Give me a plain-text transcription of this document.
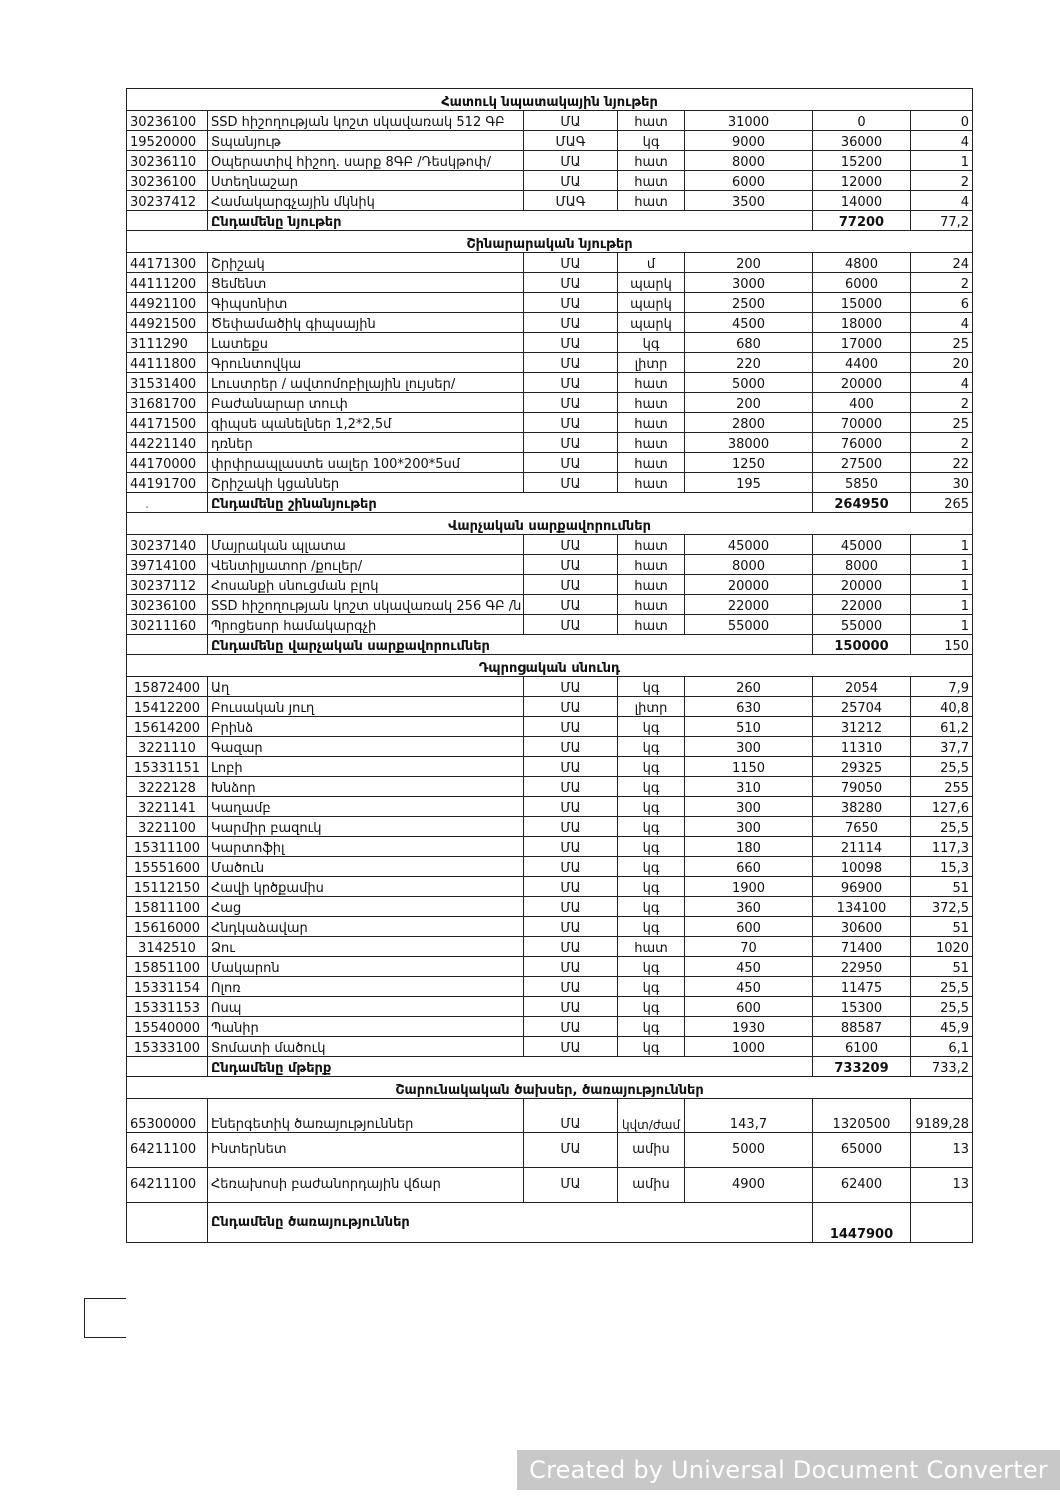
Հատուկ նպատակային նյութեր						
30236100	SSD հիշողության կոշտ սկավառակ 512 ԳԲ	ՄԱ	հատ	31000	0	0
19520000	Տպանյութ	ՄԱԳ	կգ	9000	36000	4
30236110	Օպերատիվ հիշող. սարք 8ԳԲ /Դեսկթոփ/	ՄԱ	հատ	8000	15200	1
30236100	Ստեղնաշար	ՄԱ	հատ	6000	12000	2
30237412	Համակարգչային մկնիկ	ՄԱԳ	հատ	3500	14000	4
	Ընդամենը նյութեր				77200	77,2
Շինարարական նյութեր						
44171300	Շրիշակ	ՄԱ	մ	200	4800	24
44111200	Ցեմենտ	ՄԱ	պարկ	3000	6000	2
44921100	Գիպսոնիտ	ՄԱ	պարկ	2500	15000	6
44921500	Ծեփամածիկ գիպսային	ՄԱ	պարկ	4500	18000	4
3111290	Լատեքս	ՄԱ	կգ	680	17000	25
44111800	Գրունտովկա	ՄԱ	լիտր	220	4400	20
31531400	Լուստրեր / ավտոմոբիլային լույսեր/	ՄԱ	հատ	5000	20000	4
31681700	Բաժանարար տուփ	ՄԱ	հատ	200	400	2
44171500	գիպսե պանելներ 1,2*2,5մ	ՄԱ	հատ	2800	70000	25
44221140	դռներ	ՄԱ	հատ	38000	76000	2
44170000	փրփրապլաստե սալեր 100*200*5սմ	ՄԱ	հատ	1250	27500	22
44191700	Շրիշակի կցաններ	ՄԱ	հատ	195	5850	30
.	Ընդամենը շինանյութեր				264950	265
Վարչական սարքավորումներ						
30237140	Մայրական պլատա	ՄԱ	հատ	45000	45000	1
39714100	Վենտիլյատոր /քուլեր/	ՄԱ	հատ	8000	8000	1
30237112	Հոսանքի սնուցման բլոկ	ՄԱ	հատ	20000	20000	1
30236100	SSD հիշողության կոշտ սկավառակ 256 ԳԲ /ն	ՄԱ	հատ	22000	22000	1
30211160	Պրոցեսոր համակարգչի	ՄԱ	հատ	55000	55000	1
	Ընդամենը վարչական սարքավորումներ				150000	150
Դպրոցական սնունդ						
15872400	Աղ	ՄԱ	կգ	260	2054	7,9
15412200	Բուսական յուղ	ՄԱ	լիտր	630	25704	40,8
15614200	Բրինձ	ՄԱ	կգ	510	31212	61,2
3221110	Գազար	ՄԱ	կգ	300	11310	37,7
15331151	Լոբի	ՄԱ	կգ	1150	29325	25,5
3222128	Խնձոր	ՄԱ	կգ	310	79050	255
3221141	Կաղամբ	ՄԱ	կգ	300	38280	127,6
3221100	Կարմիր բազուկ	ՄԱ	կգ	300	7650	25,5
15311100	Կարտոֆիլ	ՄԱ	կգ	180	21114	117,3
15551600	Մածուն	ՄԱ	կգ	660	10098	15,3
15112150	Հավի կրծքամիս	ՄԱ	կգ	1900	96900	51
15811100	Հաց	ՄԱ	կգ	360	134100	372,5
15616000	Հնդկաձավար	ՄԱ	կգ	600	30600	51
3142510	Ձու	ՄԱ	հատ	70	71400	1020
15851100	Մակարոն	ՄԱ	կգ	450	22950	51
15331154	Ոլոռ	ՄԱ	կգ	450	11475	25,5
15331153	Ոսպ	ՄԱ	կգ	600	15300	25,5
15540000	Պանիր	ՄԱ	կգ	1930	88587	45,9
15333100	Տոմատի մածուկ	ՄԱ	կգ	1000	6100	6,1
	Ընդամենը մթերք				733209	733,2
Շարունակական ծախսեր, ծառայություններ						
65300000	Էներգետիկ ծառայություններ	ՄԱ	կվտ/ժամ	143,7	1320500	9189,28
64211100	Ինտերնետ	ՄԱ	ամիս	5000	65000	13
64211100	Հեռախոսի բաժանորդային վճար	ՄԱ	ամիս	4900	62400	13
	Ընդամենը ծառայություններ				1447900	
Created by Universal Document Converter
